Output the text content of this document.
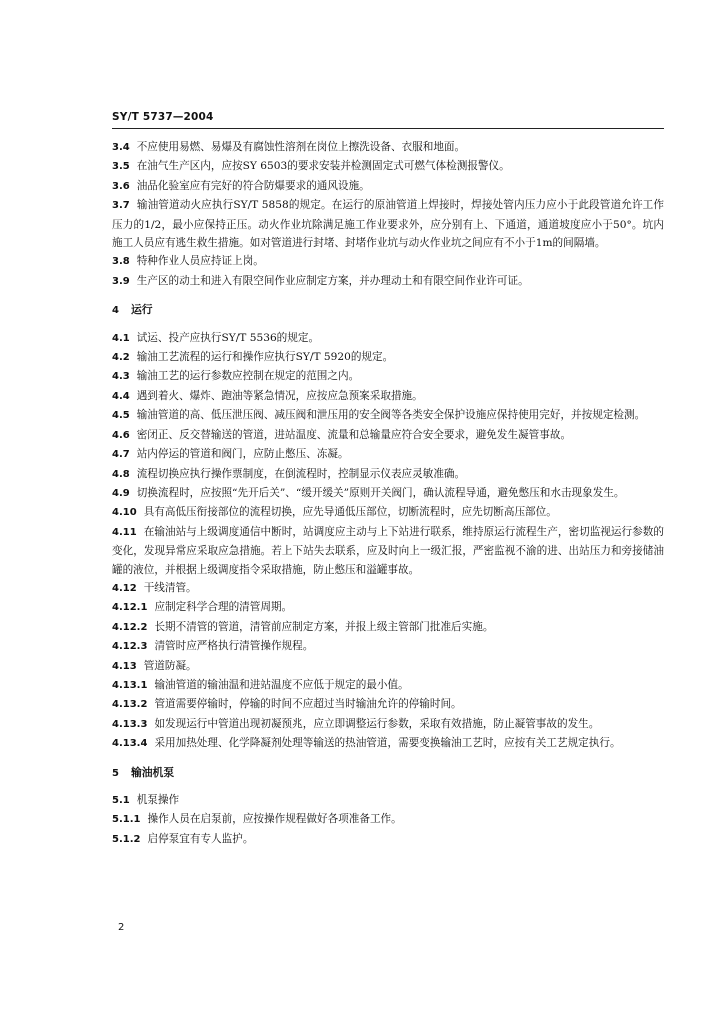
SY/T 5737—2004

3.4 不应使用易燃、易爆及有腐蚀性溶剂在岗位上擦洗设备、衣服和地面。

3.5 在油气生产区内，应按SY 6503的要求安装并检测固定式可燃气体检测报警仪。

3.6 油品化验室应有完好的符合防爆要求的通风设施。

3.7 输油管道动火应执行SY/T 5858的规定。在运行的原油管道上焊接时，焊接处管内压力应小于此段管道允许工作压力的1/2，最小应保持正压。动火作业坑除满足施工作业要求外，应分别有上、下通道，通道坡度应小于50°。坑内施工人员应有逃生救生措施。如对管道进行封堵、封堵作业坑与动火作业坑之间应有不小于1m的间隔墙。

3.8 特种作业人员应持证上岗。

3.9 生产区的动土和进入有限空间作业应制定方案，并办理动土和有限空间作业许可证。

4 运行

4.1 试运、投产应执行SY/T 5536的规定。

4.2 输油工艺流程的运行和操作应执行SY/T 5920的规定。

4.3 输油工艺的运行参数应控制在规定的范围之内。

4.4 遇到着火、爆炸、跑油等紧急情况，应按应急预案采取措施。

4.5 输油管道的高、低压泄压阀、减压阀和泄压用的安全阀等各类安全保护设施应保持使用完好，并按规定检测。

4.6 密闭正、反交替输送的管道，进站温度、流量和总输量应符合安全要求，避免发生凝管事故。

4.7 站内停运的管道和阀门，应防止憋压、冻凝。

4.8 流程切换应执行操作票制度，在倒流程时，控制显示仪表应灵敏准确。

4.9 切换流程时，应按照“先开后关”、“缓开缓关”原则开关阀门，确认流程导通，避免憋压和水击现象发生。

4.10 具有高低压衔接部位的流程切换，应先导通低压部位，切断流程时，应先切断高压部位。

4.11 在输油站与上级调度通信中断时，站调度应主动与上下站进行联系，维持原运行流程生产，密切监视运行参数的变化，发现异常应采取应急措施。若上下站失去联系，应及时向上一级汇报，严密监视不渝的进、出站压力和旁接储油罐的液位，并根据上级调度指令采取措施，防止憋压和溢罐事故。

4.12 干线清管。

4.12.1 应制定科学合理的清管周期。

4.12.2 长期不清管的管道，清管前应制定方案，并报上级主管部门批准后实施。

4.12.3 清管时应严格执行清管操作规程。

4.13 管道防凝。

4.13.1 输油管道的输油温和进站温度不应低于规定的最小值。

4.13.2 管道需要停输时，停输的时间不应超过当时输油允许的停输时间。

4.13.3 如发现运行中管道出现初凝预兆，应立即调整运行参数，采取有效措施，防止凝管事故的发生。

4.13.4 采用加热处理、化学降凝剂处理等输送的热油管道，需要变换输油工艺时，应按有关工艺规定执行。

5 输油机泵

5.1 机泵操作

5.1.1 操作人员在启泵前，应按操作规程做好各项准备工作。

5.1.2 启停泵宜有专人监护。

2
